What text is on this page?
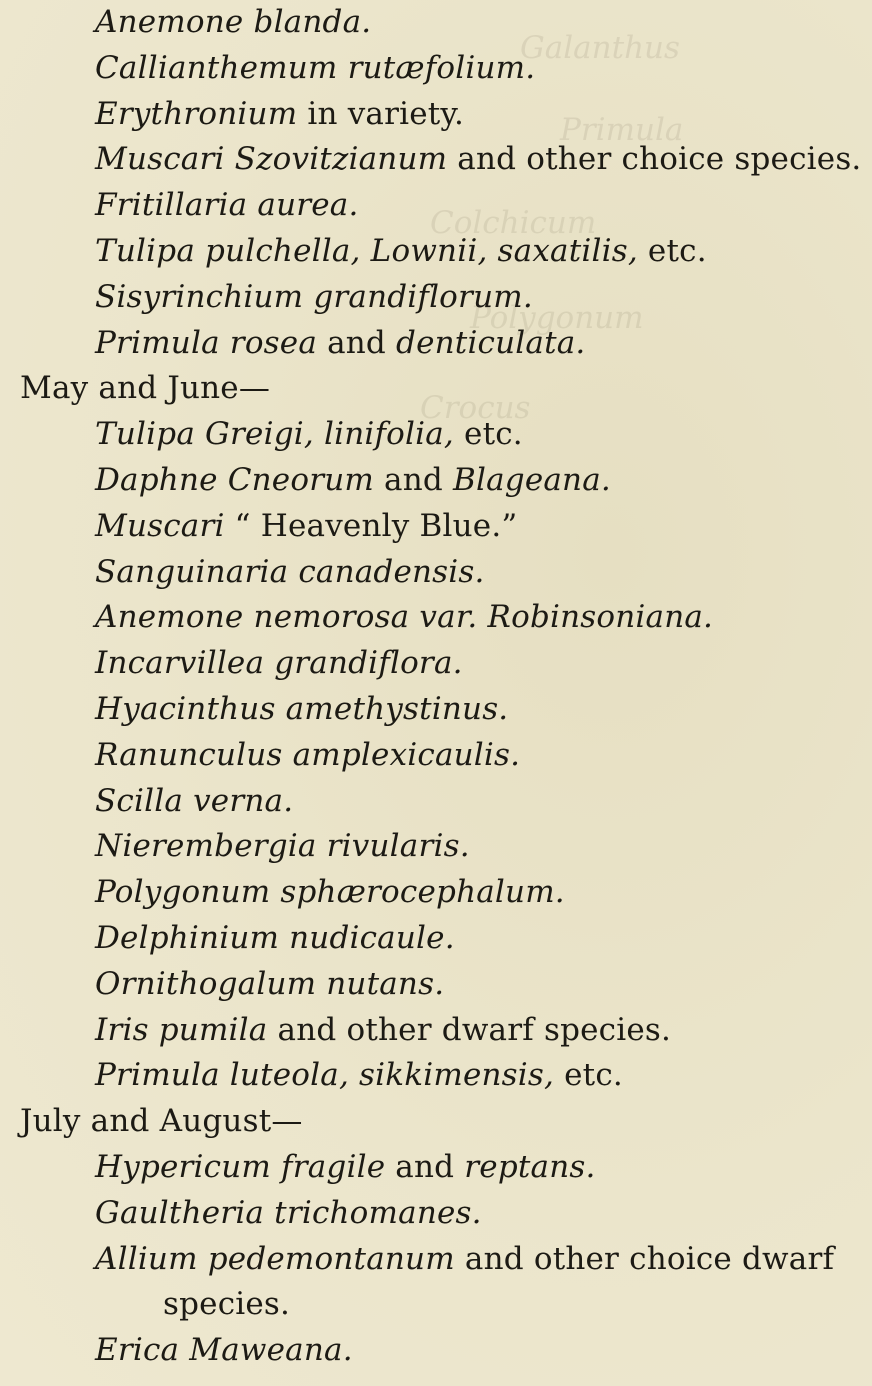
Galanthus
Primula
Colchicum
Polygonum
Crocus
Anemone blanda.
Callianthemum rutæfolium.
Erythronium in variety.
Muscari Szovitzianum and other choice species.
Fritillaria aurea.
Tulipa pulchella, Lownii, saxatilis, etc.
Sisyrinchium grandiflorum.
Primula rosea and denticulata.
May and June—
Tulipa Greigi, linifolia, etc.
Daphne Cneorum and Blageana.
Muscari “ Heavenly Blue.”
Sanguinaria canadensis.
Anemone nemorosa var. Robinsoniana.
Incarvillea grandiflora.
Hyacinthus amethystinus.
Ranunculus amplexicaulis.
Scilla verna.
Nierembergia rivularis.
Polygonum sphærocephalum.
Delphinium nudicaule.
Ornithogalum nutans.
Iris pumila and other dwarf species.
Primula luteola, sikkimensis, etc.
July and August—
Hypericum fragile and reptans.
Gaultheria trichomanes.
Allium pedemontanum and other choice dwarf
species.
Erica Maweana.
